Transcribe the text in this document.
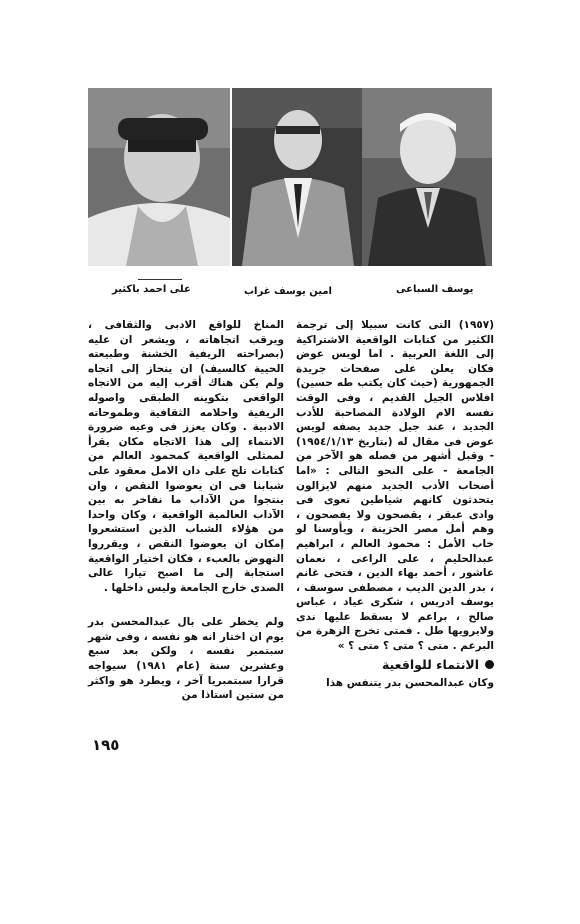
على احمد باكثير	امين يوسف غراب	يوسف السباعى

(١٩٥٧) التى كانت سبيلا إلى ترجمة الكثير من كتابات الواقعية الاشتراكية إلى اللغة العربية . اما لويس عوض فكان يعلن على صفحات جريدة الجمهورية (حيث كان يكتب طه حسين) افلاس الجيل القديم ، وفى الوقت نفسه الام الولادة المصاحبة للأدب الجديد ، عند جيل جديد يصفه لويس عوض فى مقال له (بتاريخ ١٩٥٤/١/١٣) - وقبل أشهر من فصله هو الآخر من الجامعة - على النحو التالى : «اما أصحاب الأدب الجديد منهم لايزالون يتحدثون كانهم شياطين تعوى فى وادى عبقر ، يقصحون ولا يفصحون ، وهم أمل مصر الحزينة ، ويأوسنا لو خاب الأمل : محمود العالم ، ابراهيم عبدالحليم ، على الراعى ، نعمان عاشور ، أحمد بهاء الدين ، فتحى غانم ، بدر الدين الديب ، مصطفى سوسف ، يوسف ادريس ، شكرى عياد ، عباس صالح ، براعم لا يسقط عليها ندى ولايرويها طل . فمتى تخرج الزهرة من البرعم . متى ؟ متى ؟ متى ؟ »

الانتماء للواقعية

وكان عبدالمحسن بدر يتنفس هذا

المناخ للواقع الادبى والثقافى ، ويرقب اتجاهاته ، ويشعر ان عليه (بصراحته الريفية الخشنة وطبيعته الحيية كالسيف) ان ينحاز إلى اتجاه ولم يكن هناك أقرب إليه من الاتجاه الواقعى بتكوينه الطبقى واصوله الريفية واحلامه الثقافية وطموحاته الادبية . وكان يعزز فى وعيه ضرورة الانتماء إلى هذا الاتجاه مكان يقرأ لممثلى الواقعية كمحمود العالم من كتابات تلح على دان الامل معقود على شبابنا فى ان يعوضوا النقص ، وان ينتجوا من الآداب ما نفاخر به بين الآداب العالمية الواقعية ، وكان واحدا من هؤلاء الشباب الذين استشعروا إمكان ان يعوضوا النقص ، ويقرروا النهوض بالعبء ، فكان اختيار الواقعية استجابة إلى ما اصبح تيارا عالى الصدى خارج الجامعة وليس داخلها .

ولم يخطر على بال عبدالمحسن بدر يوم ان اختار انه هو نفسه ، وفى شهر سبتمبر نفسه ، ولكن بعد سبع وعشرين سنة (عام ١٩٨١) سيواجه قرارا سبتمبريا آخر ، ويطرد هو واكثر من ستين استاذا من

١٩٥
